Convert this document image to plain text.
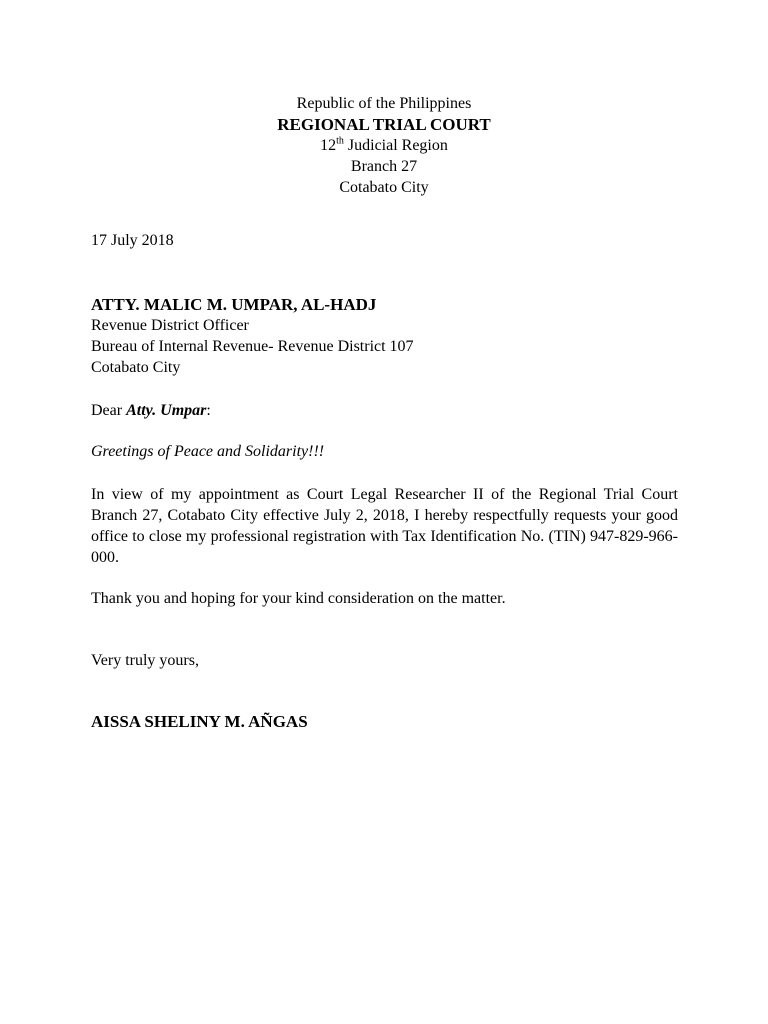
Republic of the Philippines
REGIONAL TRIAL COURT
12th Judicial Region
Branch 27
Cotabato City
17 July 2018
ATTY. MALIC M. UMPAR, AL-HADJ
Revenue District Officer
Bureau of Internal Revenue- Revenue District 107
Cotabato City
Dear Atty. Umpar:
Greetings of Peace and Solidarity!!!
In view of my appointment as Court Legal Researcher II of the Regional Trial Court Branch 27, Cotabato City effective July 2, 2018, I hereby respectfully requests your good office to close my professional registration with Tax Identification No. (TIN) 947-829-966-000.
Thank you and hoping for your kind consideration on the matter.
Very truly yours,
AISSA SHELINY M. AÑGAS
